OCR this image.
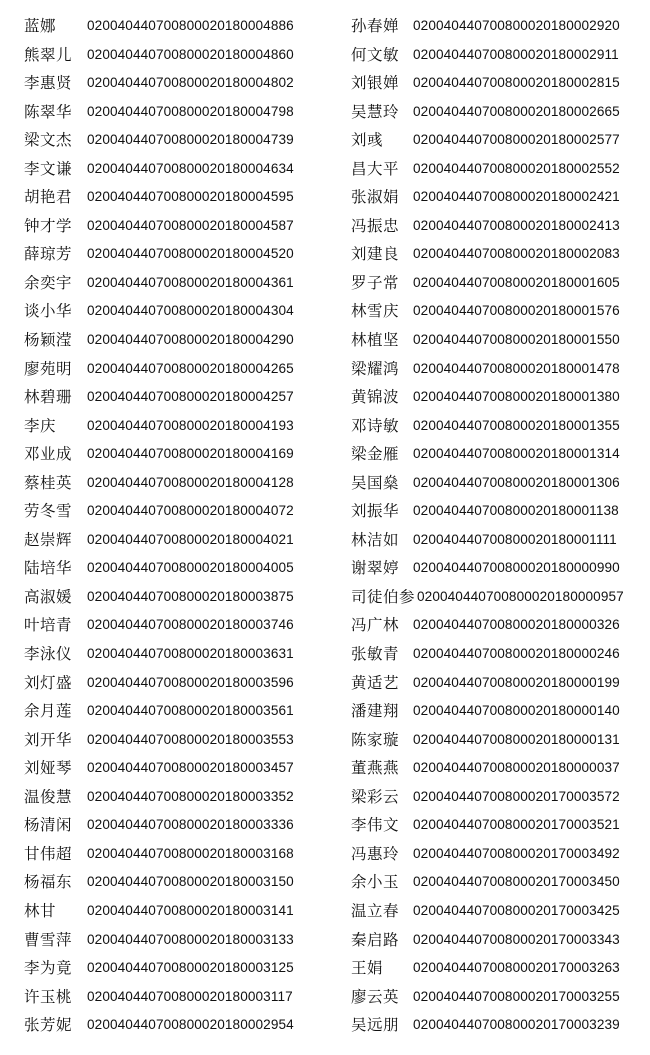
蓝娜 020040440700800020180004886
熊翠儿 020040440700800020180004860
李惠贤 020040440700800020180004802
陈翠华 020040440700800020180004798
梁文杰 020040440700800020180004739
李文谦 020040440700800020180004634
胡艳君 020040440700800020180004595
钟才学 020040440700800020180004587
薛琼芳 020040440700800020180004520
余奕宇 020040440700800020180004361
谈小华 020040440700800020180004304
杨颖滢 020040440700800020180004290
廖苑明 020040440700800020180004265
林碧珊 020040440700800020180004257
李庆 020040440700800020180004193
邓业成 020040440700800020180004169
蔡桂英 020040440700800020180004128
劳冬雪 020040440700800020180004072
赵崇辉 020040440700800020180004021
陆培华 020040440700800020180004005
高淑媛 020040440700800020180003875
叶培青 020040440700800020180003746
李泳仪 020040440700800020180003631
刘灯盛 020040440700800020180003596
余月莲 020040440700800020180003561
刘开华 020040440700800020180003553
刘娅琴 020040440700800020180003457
温俊慧 020040440700800020180003352
杨清闲 020040440700800020180003336
甘伟超 020040440700800020180003168
杨福东 020040440700800020180003150
林甘 020040440700800020180003141
曹雪萍 020040440700800020180003133
李为竟 020040440700800020180003125
许玉桃 020040440700800020180003117
张芳妮 020040440700800020180002954
孙春婵 020040440700800020180002920
何文敏 020040440700800020180002911
刘银婵 020040440700800020180002815
吴慧玲 020040440700800020180002665
刘彧 020040440700800020180002577
昌大平 020040440700800020180002552
张淑娟 020040440700800020180002421
冯振忠 020040440700800020180002413
刘建良 020040440700800020180002083
罗子常 020040440700800020180001605
林雪庆 020040440700800020180001576
林植坚 020040440700800020180001550
梁耀鸿 020040440700800020180001478
黄锦波 020040440700800020180001380
邓诗敏 020040440700800020180001355
梁金雁 020040440700800020180001314
吴国燊 020040440700800020180001306
刘振华 020040440700800020180001138
林洁如 020040440700800020180001111
谢翠婷 020040440700800020180000990
司徒伯参 020040440700800020180000957
冯广林 020040440700800020180000326
张敏青 020040440700800020180000246
黄适艺 020040440700800020180000199
潘建翔 020040440700800020180000140
陈家璇 020040440700800020180000131
董燕燕 020040440700800020180000037
梁彩云 020040440700800020170003572
李伟文 020040440700800020170003521
冯惠玲 020040440700800020170003492
余小玉 020040440700800020170003450
温立春 020040440700800020170003425
秦启路 020040440700800020170003343
王娟 020040440700800020170003263
廖云英 020040440700800020170003255
吴远朋 020040440700800020170003239
